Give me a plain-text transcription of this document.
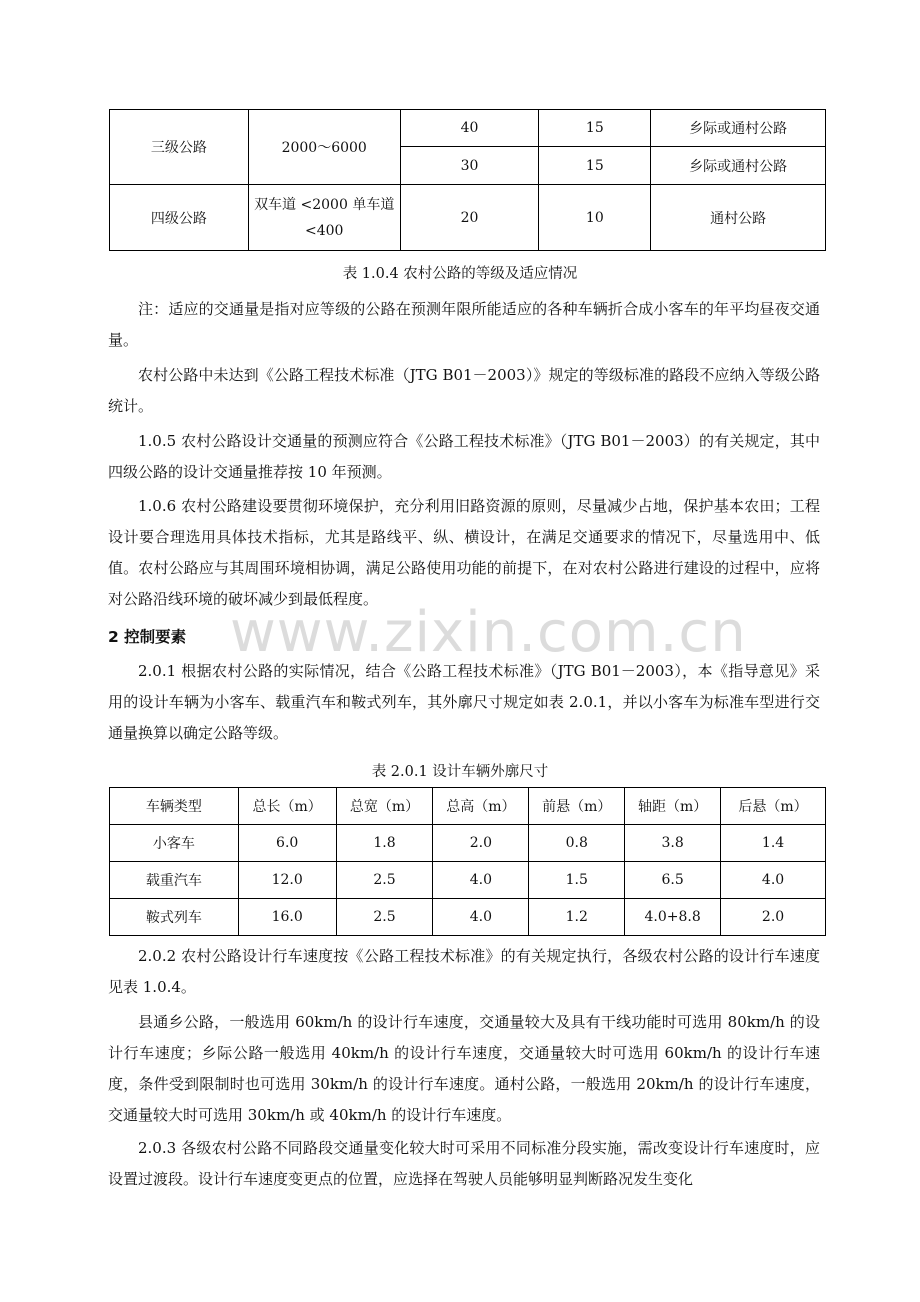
三级公路	2000～6000	40	15	乡际或通村公路
		30	15	乡际或通村公路
四级公路	双车道 <2000 单车道 <400	20	10	通村公路
表 1.0.4 农村公路的等级及适应情况
注：适应的交通量是指对应等级的公路在预测年限所能适应的各种车辆折合成小客车的年平均昼夜交通量。
农村公路中未达到《公路工程技术标准（JTG B01－2003）》规定的等级标准的路段不应纳入等级公路统计。
1.0.5 农村公路设计交通量的预测应符合《公路工程技术标准》（JTG B01－2003）的有关规定，其中四级公路的设计交通量推荐按 10 年预测。
1.0.6 农村公路建设要贯彻环境保护，充分利用旧路资源的原则，尽量减少占地，保护基本农田；工程设计要合理选用具体技术指标，尤其是路线平、纵、横设计，在满足交通要求的情况下，尽量选用中、低值。农村公路应与其周围环境相协调，满足公路使用功能的前提下，在对农村公路进行建设的过程中，应将对公路沿线环境的破坏减少到最低程度。
www.zixin.com.cn
2 控制要素
2.0.1 根据农村公路的实际情况，结合《公路工程技术标准》（JTG B01－2003），本《指导意见》采用的设计车辆为小客车、载重汽车和鞍式列车，其外廓尺寸规定如表 2.0.1，并以小客车为标准车型进行交通量换算以确定公路等级。
表 2.0.1 设计车辆外廓尺寸
车辆类型	总长（m）	总宽（m）	总高（m）	前悬（m）	轴距（m）	后悬（m）
小客车	6.0	1.8	2.0	0.8	3.8	1.4
载重汽车	12.0	2.5	4.0	1.5	6.5	4.0
鞍式列车	16.0	2.5	4.0	1.2	4.0+8.8	2.0
2.0.2 农村公路设计行车速度按《公路工程技术标准》的有关规定执行，各级农村公路的设计行车速度见表 1.0.4。
县通乡公路，一般选用 60km/h 的设计行车速度，交通量较大及具有干线功能时可选用 80km/h 的设计行车速度；乡际公路一般选用 40km/h 的设计行车速度，交通量较大时可选用 60km/h 的设计行车速度，条件受到限制时也可选用 30km/h 的设计行车速度。通村公路，一般选用 20km/h 的设计行车速度，交通量较大时可选用 30km/h 或 40km/h 的设计行车速度。
2.0.3 各级农村公路不同路段交通量变化较大时可采用不同标准分段实施，需改变设计行车速度时，应设置过渡段。设计行车速度变更点的位置，应选择在驾驶人员能够明显判断路况发生变化
